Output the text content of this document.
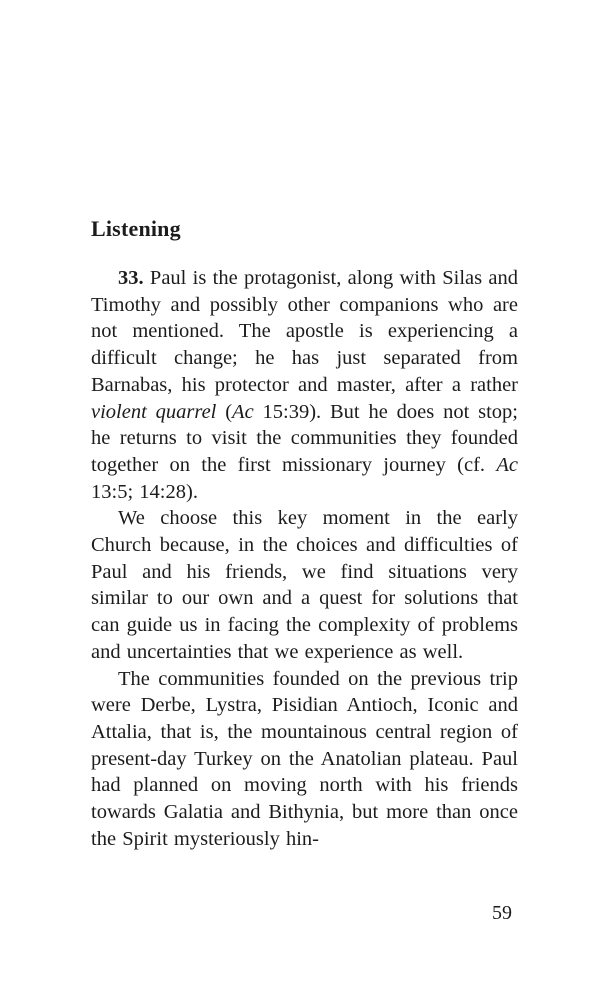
Listening

33. Paul is the protagonist, along with Silas and Timothy and possibly other companions who are not mentioned. The apostle is experiencing a difficult change; he has just separated from Barnabas, his protector and master, after a rather violent quarrel (Ac 15:39). But he does not stop; he returns to visit the communities they founded together on the first missionary journey (cf. Ac 13:5; 14:28).

We choose this key moment in the early Church because, in the choices and difficulties of Paul and his friends, we find situations very similar to our own and a quest for solutions that can guide us in facing the complexity of problems and uncertainties that we experience as well.

The communities founded on the previous trip were Derbe, Lystra, Pisidian Antioch, Iconic and Attalia, that is, the mountainous central region of present-day Turkey on the Anatolian plateau. Paul had planned on moving north with his friends towards Galatia and Bithynia, but more than once the Spirit mysteriously hin-

59
